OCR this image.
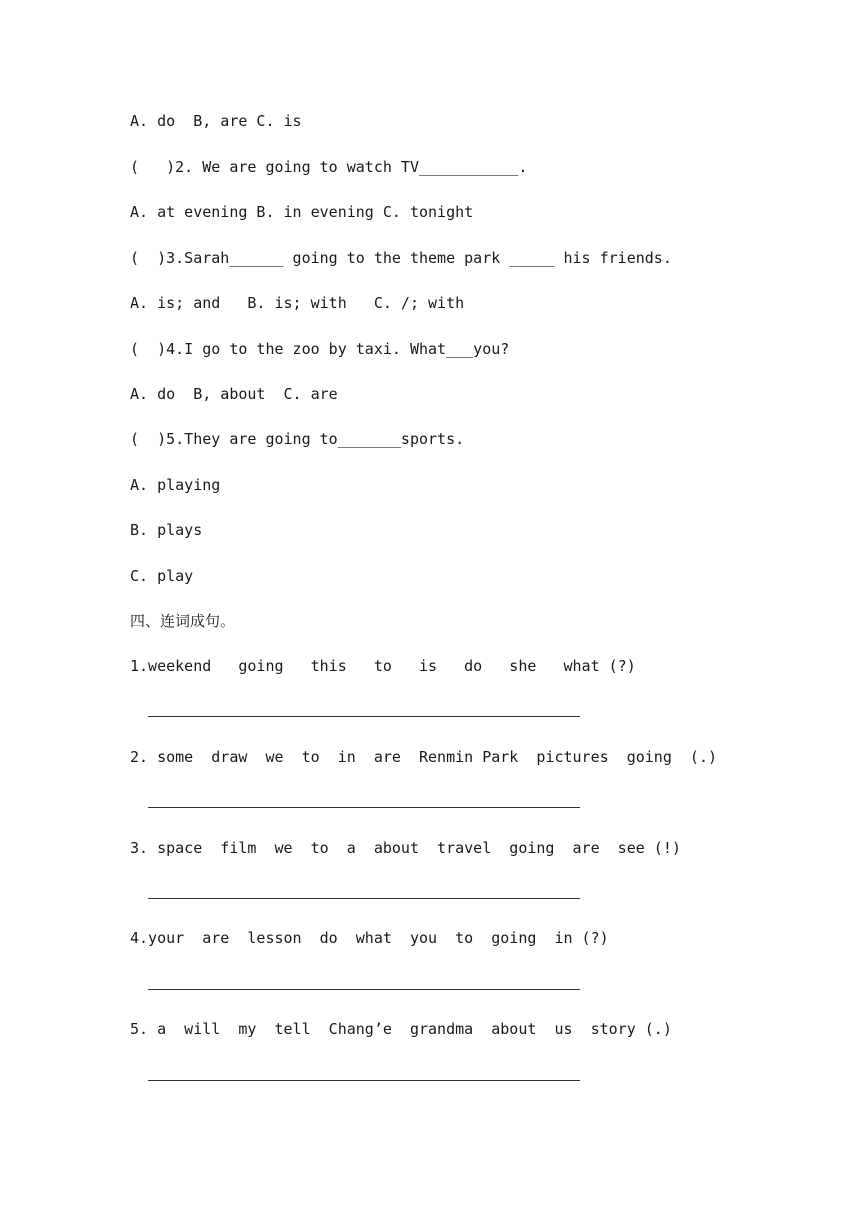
A. do  B, are C. is

(   )2. We are going to watch TV___________.

A. at evening B. in evening C. tonight

(  )3.Sarah______ going to the theme park _____ his friends.

A. is; and   B. is; with   C. /; with

(  )4.I go to the zoo by taxi. What___you?

A. do  B, about  C. are

(  )5.They are going to_______sports.

A. playing

B. plays

C. play

四、连词成句。

1.weekend   going   this   to   is   do   she   what (?)

2. some  draw  we  to  in  are  Renmin Park  pictures  going  (.)

3. space  film  we  to  a  about  travel  going  are  see (!)

4.your  are  lesson  do  what  you  to  going  in (?)

5. a  will  my  tell  Chang’e  grandma  about  us  story (.)
